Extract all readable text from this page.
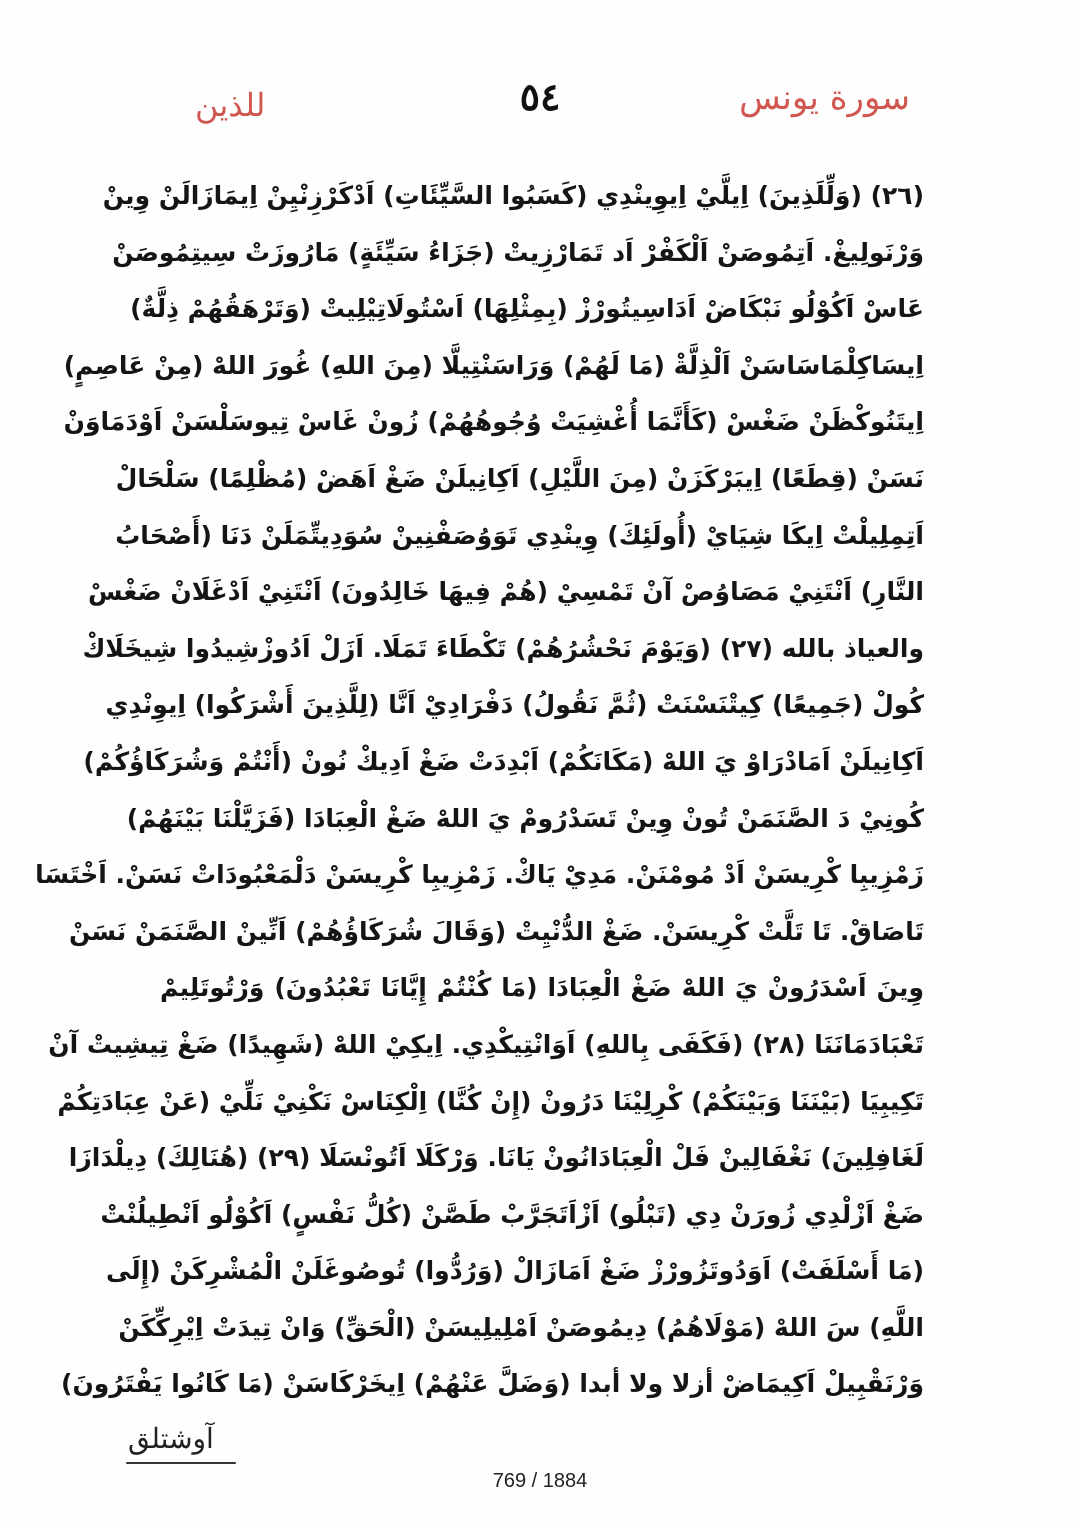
سورة يونس
٥٤
للذين
(٢٦) (وَلِّلَذِينَ) اِيلَّيْ اِيوِينْدِي (كَسَبُوا السَّيِّئَاتِ) اَدْكَرْزِنْيِنْ اِيمَازَالَنْ وِينْ
وَرْنَولِيغْ. اَتِمُوصَنْ اَلْكَفْرْ اَد تَمَارْزِيتْ (جَزَاءُ سَيِّئَةٍ) مَارُوزَتْ سِيتِمُوصَنْ
عَاسْ اَكُوْلُو نَبْكَاضْ اَدَاسِيتُورْزْ (بِمِثْلِهَا) اَسْتُولَاتِيْلِيتْ (وَتَرْهَقُهُمْ ذِلَّةٌ)
اِيسَاكِلْمَاسَاسَنْ اَلْذِلَّةْ (مَا لَهُمْ) وَرَاسَنْتِيلَّا (مِنَ اللهِ) غُورَ اللهْ (مِنْ عَاصِمٍ)
اِيتَنُوكْظَنْ ضَغْسْ (كَأَنَّمَا أُغْشِيَتْ وُجُوهُهُمْ) زُونْ غَاسْ تِيوسَلْسَنْ اَوْدَمَاوَنْ
نَسَنْ (قِطَعًا) اِيبَرْكَزَنْ (مِنَ اللَّيْلِ) اَكِانِيلَنْ ضَغْ اَهَضْ (مُظْلِمًا) سَلْحَالْ
اَتِمِلِيلْتْ اِيكَا شِيَايْ (أُولَئِكَ) وِينْدِي تَوَوُصَفْنِينْ سُوَدِيتِّمَلَنْ دَنَا (أَصْحَابُ
النَّارِ) اَنْتَنِيْ مَصَاوُصْ آنْ تَمْسِيْ (هُمْ فِيهَا خَالِدُونَ) اَنْتَنِيْ اَدْغَلَانْ ضَغْسْ
والعياذ بالله (٢٧) (وَيَوْمَ نَحْشُرُهُمْ) تَكْطَاءَ تَمَلَا. اَزَلْ اَدُوزْشِيدُوا شِيخَلَاكْ
كُولْ (جَمِيعًا) كِيتْنَسْنَتْ (ثُمَّ نَقُولُ) دَفْرَادِيْ اَنَّا (لِلَّذِينَ أَشْرَكُوا) اِيوِنْدِي
اَكِانِيلَنْ اَمَادْرَاوْ يَ اللهْ (مَكَانَكُمْ) اَبْدِدَتْ ضَغْ اَدِيكْ نُونْ (أَنْتُمْ وَشُرَكَاؤُكُمْ)
كُونِيْ دَ الصَّنَمَنْ تُونْ وِينْ تَسَدْرُومْ يَ اللهْ ضَغْ الْعِبَادَا (فَزَيَّلْنَا بَيْنَهُمْ)
زَمْزِيبِا كْرِيسَنْ اَدْ مُومْنَنْ. مَدِيْ يَاكْ. زَمْزِيبِا كْرِيسَنْ دَلْمَعْبُودَاتْ نَسَنْ. اَخْتَسَا
تَاصَاقْ. تَا تَلَّتْ كْرِيسَنْ. ضَغْ الدُّنْيِتْ (وَقَالَ شُرَكَاؤُهُمْ) اَنِّينْ الصَّنَمَنْ نَسَنْ
وِينَ اَسْدَرُونْ يَ اللهْ ضَغْ الْعِبَادَا (مَا كُنْتُمْ إِيَّانَا تَعْبُدُونَ) وَرْتُوتَلِيمْ
تَعْبَادَمَانَنَا (٢٨) (فَكَفَى بِاللهِ) اَوَانْتِيكْدِي. اِيكِيْ اللهْ (شَهِيدًا) ضَغْ تِيشِيتْ آنْ
تَكِيبِيَا (بَيْنَنَا وَبَيْنَكُمْ) كْرِلِيْنَا دَرُونْ (إِنْ كُنَّا) اِلْكِنَاسْ نَكْنِيْ نَلِّيْ (عَنْ عِبَادَتِكُمْ
لَغَافِلِينَ) نَغْفَالِينْ فَلْ الْعِبَادَانُونْ يَانَا. وَرْكَلَا اَتُونْسَلَا (٢٩) (هُنَالِكَ) دِيلْدَازَا
ضَغْ اَزْلْدِي زُورَنْ دِي (تَبْلُو) اَزْاَتَجَرَّبْ طَصَّنْ (كُلُّ نَفْسٍ) اَكُوْلُو اَنْطِيلُنْتْ
(مَا أَسْلَفَتْ) اَوَدُوتَزُورْزْ ضَغْ اَمَازَالْ (وَرُدُّوا) تُوصُوغَلَنْ الْمُشْرِكَنْ (إِلَى
اللَّهِ) سَ اللهْ (مَوْلَاهُمُ) دِيمُوصَنْ اَمْلِيلِيسَنْ (الْحَقِّ) وَانْ تِيدَتْ اِيْرِكِّكَنْ
وَرْنَقْبِيلْ اَكِيمَاضْ أزلا ولا أبدا (وَضَلَّ عَنْهُمْ) اِيخَرْكَاسَنْ (مَا كَانُوا يَفْتَرُونَ)
آوشتلق
769 / 1884
